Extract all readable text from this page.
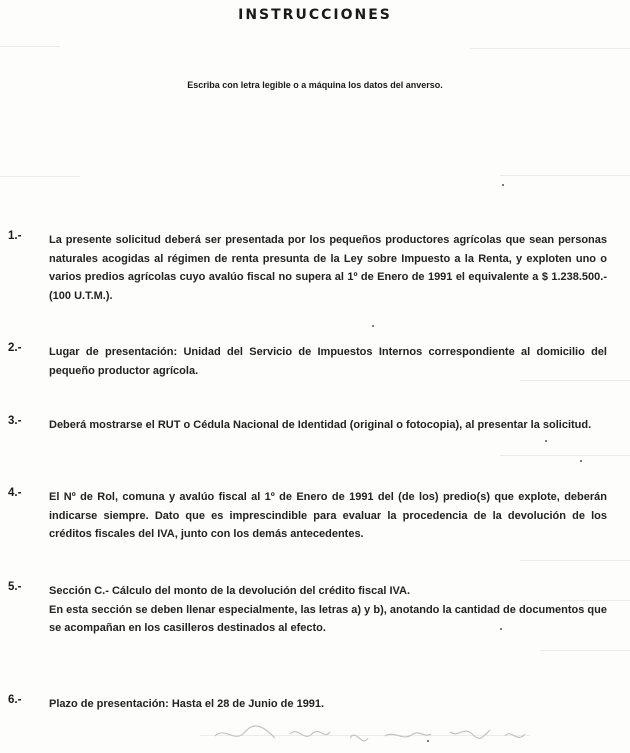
INSTRUCCIONES
Escriba con letra legible o a máquina los datos del anverso.
1.-	La presente solicitud deberá ser presentada por los pequeños productores agrícolas que sean personas naturales acogidas al régimen de renta presunta de la Ley sobre Impuesto a la Renta, y exploten uno o varios predios agrícolas cuyo avalúo fiscal no supera al 1º de Enero de 1991 el equivalente a $ 1.238.500.- (100 U.T.M.).

2.-	Lugar de presentación: Unidad del Servicio de Impuestos Internos correspondiente al domicilio del pequeño productor agrícola.

3.-	Deberá mostrarse el RUT o Cédula Nacional de Identidad (original o fotocopia), al presentar la solicitud.

4.-	El Nº de Rol, comuna y avalúo fiscal al 1º de Enero de 1991 del (de los) predio(s) que explote, deberán indicarse siempre. Dato que es imprescindible para evaluar la procedencia de la devolución de los créditos fiscales del IVA, junto con los demás antecedentes.

5.-	Sección C.- Cálculo del monto de la devolución del crédito fiscal IVA.

En esta sección se deben llenar especialmente, las letras a) y b), anotando la cantidad de documentos que se acompañan en los casilleros destinados al efecto.

6.-	Plazo de presentación: Hasta el 28 de Junio de 1991.
